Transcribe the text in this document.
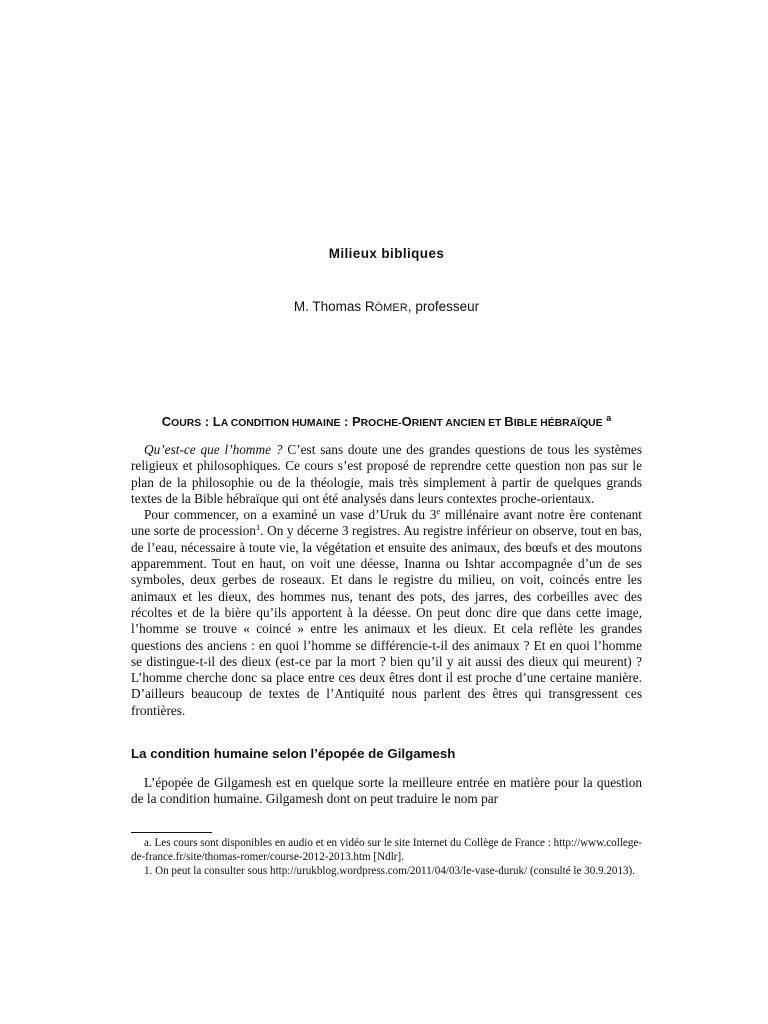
Milieux bibliques

M. Thomas RÖMER, professeur

COURS : LA CONDITION HUMAINE : PROCHE-ORIENT ANCIEN ET BIBLE HÉBRAÏQUE $^a$

Qu’est-ce que l’homme ? C’est sans doute une des grandes questions de tous les systèmes religieux et philosophiques. Ce cours s’est proposé de reprendre cette question non pas sur le plan de la philosophie ou de la théologie, mais très simplement à partir de quelques grands textes de la Bible hébraïque qui ont été analysés dans leurs contextes proche-orientaux.

Pour commencer, on a examiné un vase d’Uruk du 3e millénaire avant notre ère contenant une sorte de procession$^1$. On y décerne 3 registres. Au registre inférieur on observe, tout en bas, de l’eau, nécessaire à toute vie, la végétation et ensuite des animaux, des bœufs et des moutons apparemment. Tout en haut, on voit une déesse, Inanna ou Ishtar accompagnée d’un de ses symboles, deux gerbes de roseaux. Et dans le registre du milieu, on voit, coincés entre les animaux et les dieux, des hommes nus, tenant des pots, des jarres, des corbeilles avec des récoltes et de la bière qu’ils apportent à la déesse. On peut donc dire que dans cette image, l’homme se trouve « coincé » entre les animaux et les dieux. Et cela reflète les grandes questions des anciens : en quoi l’homme se différencie-t-il des animaux ? Et en quoi l’homme se distingue-t-il des dieux (est-ce par la mort ? bien qu’il y ait aussi des dieux qui meurent) ? L’homme cherche donc sa place entre ces deux êtres dont il est proche d’une certaine manière. D’ailleurs beaucoup de textes de l’Antiquité nous parlent des êtres qui transgressent ces frontières.

La condition humaine selon l’épopée de Gilgamesh

L’épopée de Gilgamesh est en quelque sorte la meilleure entrée en matière pour la question de la condition humaine. Gilgamesh dont on peut traduire le nom par

a. Les cours sont disponibles en audio et en vidéo sur le site Internet du Collège de France : http://www.college-de-france.fr/site/thomas-romer/course-2012-2013.htm [Ndlr].

1. On peut la consulter sous http://urukblog.wordpress.com/2011/04/03/le-vase-duruk/ (consulté le 30.9.2013).
